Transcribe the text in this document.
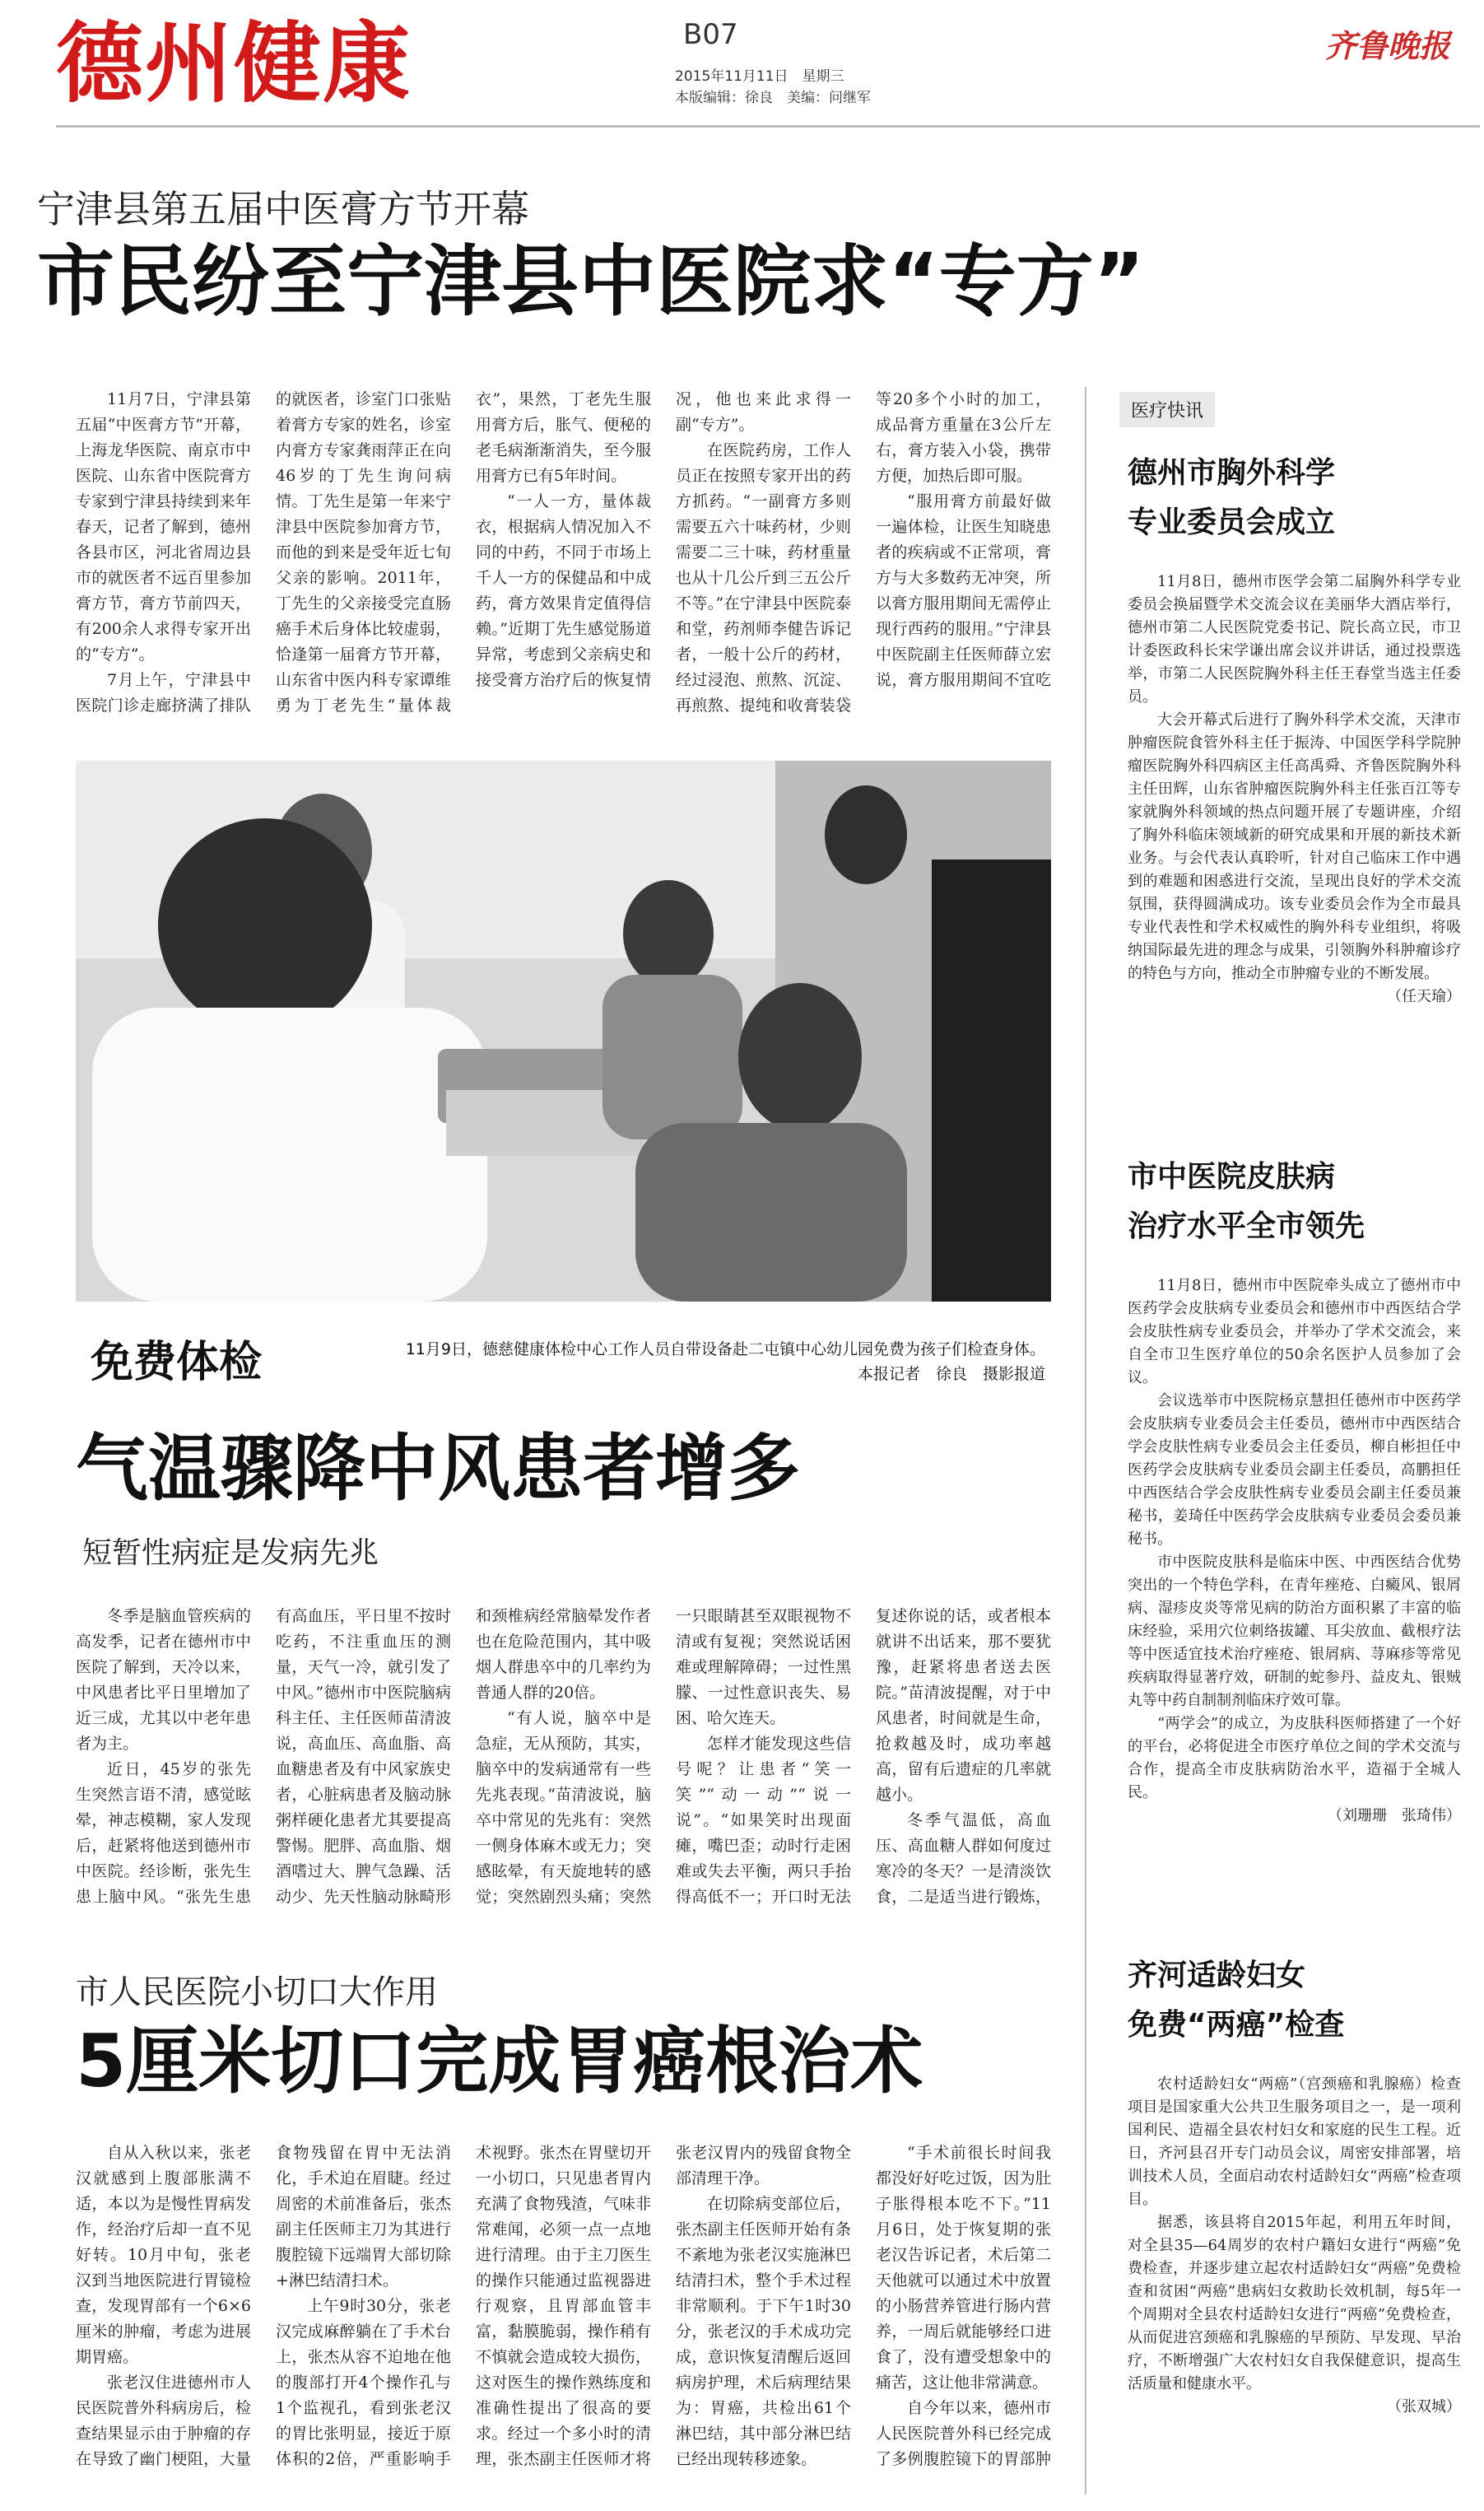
德州健康	B07
2015年11月11日　星期三
本版编辑：徐良　美编：问继军
齐鲁晚报
宁津县第五届中医膏方节开幕
市民纷至宁津县中医院求“专方”

11月7日，宁津县第五届“中医膏方节”开幕，上海龙华医院、南京市中医院、山东省中医院膏方专家到宁津县持续到来年春天，记者了解到，德州各县市区，河北省周边县市的就医者不远百里参加膏方节，膏方节前四天，有200余人求得专家开出的“专方”。

7月上午，宁津县中医院门诊走廊挤满了排队的就医者，诊室门口张贴着膏方专家的姓名，诊室内膏方专家龚雨萍正在向46岁的丁先生询问病情。丁先生是第一年来宁津县中医院参加膏方节，而他的到来是受年近七旬父亲的影响。2011年，丁先生的父亲接受完直肠癌手术后身体比较虚弱，恰逢第一届膏方节开幕，山东省中医内科专家谭维勇为丁老先生“量体裁衣”，果然，丁老先生服用膏方后，胀气、便秘的老毛病渐渐消失，至今服用膏方已有5年时间。

“一人一方，量体裁衣，根据病人情况加入不同的中药，不同于市场上千人一方的保健品和中成药，膏方效果肯定值得信赖。”近期丁先生感觉肠道异常，考虑到父亲病史和接受膏方治疗后的恢复情况，他也来此求得一副“专方”。

在医院药房，工作人员正在按照专家开出的药方抓药。“一副膏方多则需要五六十味药材，少则需要二三十味，药材重量也从十几公斤到三五公斤不等。”在宁津县中医院泰和堂，药剂师李健告诉记者，一般十公斤的药材，经过浸泡、煎熬、沉淀、再煎熬、提纯和收膏装袋等20多个小时的加工，成品膏方重量在3公斤左右，膏方装入小袋，携带方便，加热后即可服。

“服用膏方前最好做一遍体检，让医生知晓患者的疾病或不正常项，膏方与大多数药无冲突，所以膏方服用期间无需停止现行西药的服用。”宁津县中医院副主任医师薛立宏说，膏方服用期间不宜吃

免费体检	11月9日，德慈健康体检中心工作人员自带设备赴二屯镇中心幼儿园免费为孩子们检查身体。
本报记者　徐良　摄影报道
气温骤降中风患者增多
短暂性病症是发病先兆

冬季是脑血管疾病的高发季，记者在德州市中医院了解到，天冷以来，中风患者比平日里增加了近三成，尤其以中老年患者为主。

近日，45岁的张先生突然言语不清，感觉眩晕，神志模糊，家人发现后，赶紧将他送到德州市中医院。经诊断，张先生患上脑中风。“张先生患有高血压，平日里不按时吃药，不注重血压的测量，天气一冷，就引发了中风。”德州市中医院脑病科主任、主任医师苗清波说，高血压、高血脂、高血糖患者及有中风家族史者，心脏病患者及脑动脉粥样硬化患者尤其要提高警惕。肥胖、高血脂、烟酒嗜过大、脾气急躁、活动少、先天性脑动脉畸形和颈椎病经常脑晕发作者也在危险范围内，其中吸烟人群患卒中的几率约为普通人群的20倍。

“有人说，脑卒中是急症，无从预防，其实，脑卒中的发病通常有一些先兆表现。”苗清波说，脑卒中常见的先兆有：突然一侧身体麻木或无力；突感眩晕，有天旋地转的感觉；突然剧烈头痛；突然一只眼睛甚至双眼视物不清或有复视；突然说话困难或理解障碍；一过性黑朦、一过性意识丧失、易困、哈欠连天。

怎样才能发现这些信号呢？让患者“笑一笑”“动一动”“说一说”。“如果笑时出现面瘫，嘴巴歪；动时行走困难或失去平衡，两只手抬得高低不一；开口时无法复述你说的话，或者根本就讲不出话来，那不要犹豫，赶紧将患者送去医院。”苗清波提醒，对于中风患者，时间就是生命，抢救越及时，成功率越高，留有后遗症的几率就越小。

冬季气温低，高血压、高血糖人群如何度过寒冷的冬天？一是清淡饮食，二是适当进行锻炼，

市人民医院小切口大作用
5厘米切口完成胃癌根治术

自从入秋以来，张老汉就感到上腹部胀满不适，本以为是慢性胃病发作，经治疗后却一直不见好转。10月中旬，张老汉到当地医院进行胃镜检查，发现胃部有一个6×6厘米的肿瘤，考虑为进展期胃癌。

张老汉住进德州市人民医院普外科病房后，检查结果显示由于肿瘤的存在导致了幽门梗阻，大量食物残留在胃中无法消化，手术迫在眉睫。经过周密的术前准备后，张杰副主任医师主刀为其进行腹腔镜下远端胃大部切除+淋巴结清扫术。

上午9时30分，张老汉完成麻醉躺在了手术台上，张杰从容不迫地在他的腹部打开4个操作孔与1个监视孔，看到张老汉的胃比张明显，接近于原体积的2倍，严重影响手术视野。张杰在胃壁切开一小切口，只见患者胃内充满了食物残渣，气味非常难闻，必须一点一点地进行清理。由于主刀医生的操作只能通过监视器进行观察，且胃部血管丰富，黏膜脆弱，操作稍有不慎就会造成较大损伤，这对医生的操作熟练度和准确性提出了很高的要求。经过一个多小时的清理，张杰副主任医师才将张老汉胃内的残留食物全部清理干净。

在切除病变部位后，张杰副主任医师开始有条不紊地为张老汉实施淋巴结清扫术，整个手术过程非常顺利。于下午1时30分，张老汉的手术成功完成，意识恢复清醒后返回病房护理，术后病理结果为：胃癌，共检出61个淋巴结，其中部分淋巴结已经出现转移迹象。

“手术前很长时间我都没好好吃过饭，因为肚子胀得根本吃不下。”11月6日，处于恢复期的张老汉告诉记者，术后第二天他就可以通过术中放置的小肠营养管进行肠内营养，一周后就能够经口进食了，没有遭受想象中的痛苦，这让他非常满意。

自今年以来，德州市人民医院普外科已经完成了多例腹腔镜下的胃部肿

医疗快讯
德州市胸外科学
专业委员会成立

11月8日，德州市医学会第二届胸外科学专业委员会换届暨学术交流会议在美丽华大酒店举行，德州市第二人民医院党委书记、院长高立民，市卫计委医政科长宋学谦出席会议并讲话，通过投票选举，市第二人民医院胸外科主任王春堂当选主任委员。

大会开幕式后进行了胸外科学术交流，天津市肿瘤医院食管外科主任于振涛、中国医学科学院肿瘤医院胸外科四病区主任高禹舜、齐鲁医院胸外科主任田辉，山东省肿瘤医院胸外科主任张百江等专家就胸外科领域的热点问题开展了专题讲座，介绍了胸外科临床领域新的研究成果和开展的新技术新业务。与会代表认真聆听，针对自己临床工作中遇到的难题和困惑进行交流，呈现出良好的学术交流氛围，获得圆满成功。该专业委员会作为全市最具专业代表性和学术权威性的胸外科专业组织，将吸纳国际最先进的理念与成果，引领胸外科肿瘤诊疗的特色与方向，推动全市肿瘤专业的不断发展。

（任天瑜）
市中医院皮肤病
治疗水平全市领先

11月8日，德州市中医院牵头成立了德州市中医药学会皮肤病专业委员会和德州市中西医结合学会皮肤性病专业委员会，并举办了学术交流会，来自全市卫生医疗单位的50余名医护人员参加了会议。

会议选举市中医院杨京慧担任德州市中医药学会皮肤病专业委员会主任委员，德州市中西医结合学会皮肤性病专业委员会主任委员，柳自彬担任中医药学会皮肤病专业委员会副主任委员，高鹏担任中西医结合学会皮肤性病专业委员会副主任委员兼秘书，姜琦任中医药学会皮肤病专业委员会委员兼秘书。

市中医院皮肤科是临床中医、中西医结合优势突出的一个特色学科，在青年痤疮、白癜风、银屑病、湿疹皮炎等常见病的防治方面积累了丰富的临床经验，采用穴位刺络拔罐、耳尖放血、截根疗法等中医适宜技术治疗痤疮、银屑病、荨麻疹等常见疾病取得显著疗效，研制的蛇参丹、益皮丸、银贼丸等中药自制制剂临床疗效可靠。

“两学会”的成立，为皮肤科医师搭建了一个好的平台，必将促进全市医疗单位之间的学术交流与合作，提高全市皮肤病防治水平，造福于全城人民。

（刘珊珊　张琦伟）
齐河适龄妇女
免费“两癌”检查

农村适龄妇女“两癌”（宫颈癌和乳腺癌）检查项目是国家重大公共卫生服务项目之一，是一项利国利民、造福全县农村妇女和家庭的民生工程。近日，齐河县召开专门动员会议，周密安排部署，培训技术人员，全面启动农村适龄妇女“两癌”检查项目。

据悉，该县将自2015年起，利用五年时间，对全县35—64周岁的农村户籍妇女进行“两癌”免费检查，并逐步建立起农村适龄妇女“两癌”免费检查和贫困“两癌”患病妇女救助长效机制，每5年一个周期对全县农村适龄妇女进行“两癌”免费检查，从而促进宫颈癌和乳腺癌的早预防、早发现、早治疗，不断增强广大农村妇女自我保健意识，提高生活质量和健康水平。

（张双城）
